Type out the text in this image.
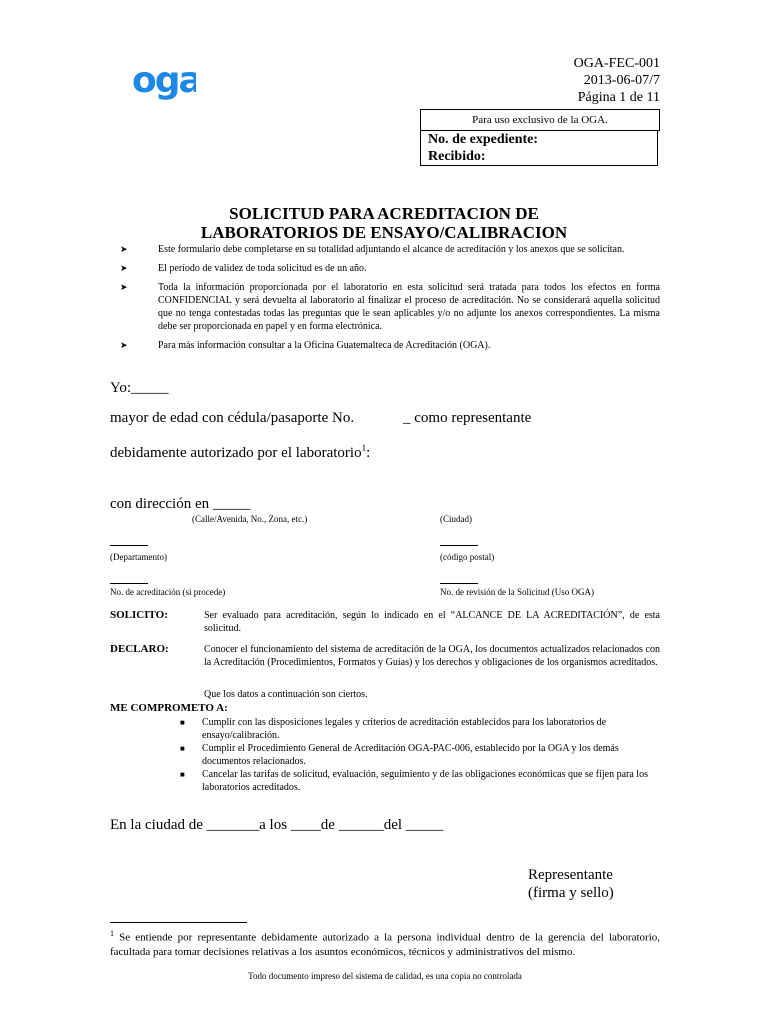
oga	OGA-FEC-001
2013-06-07/7
Página 1 de 11
Para uso exclusivo de la OGA.
No. de expediente:
Recibido:
SOLICITUD PARA ACREDITACION DE
LABORATORIOS DE ENSAYO/CALIBRACION
➤	Este formulario debe completarse en su totalidad adjuntando el alcance de acreditación y los anexos que se solicitan.
➤	El período de validez de toda solicitud es de un año.
➤	Toda la información proporcionada por el laboratorio en esta solicitud será tratada para todos los efectos en forma CONFIDENCIAL y será devuelta al laboratorio al finalizar el proceso de acreditación. No se considerará aquella solicitud que no tenga contestadas todas las preguntas que le sean aplicables y/o no adjunte los anexos correspondientes. La misma debe ser proporcionada en papel y en forma electrónica.
➤	Para más información consultar a la Oficina Guatemalteca de Acreditación (OGA).
Yo:_____
mayor de edad con cédula/pasaporte No.	_ como representante
debidamente autorizado por el laboratorio$^1$:
con dirección en _____
(Calle/Avenida, No., Zona, etc.)	(Ciudad)
(Departamento)	(código postal)
No. de acreditación (si procede)	No. de revisión de la Solicitud (Uso OGA)
SOLICITO:	Ser evaluado para acreditación, según lo indicado en el “ALCANCE DE LA ACREDITACIÓN”, de esta solicitud.
DECLARO:	Conocer el funcionamiento del sistema de acreditación de la OGA, los documentos actualizados relacionados con la Acreditación (Procedimientos, Formatos y Guías) y los derechos y obligaciones de los organismos acreditados.
Que los datos a continuación son ciertos.
ME COMPROMETO A:
■	Cumplir con las disposiciones legales y criterios de acreditación establecidos para los laboratorios de ensayo/calibración.
■	Cumplir el Procedimiento General de Acreditación OGA-PAC-006, establecido por la OGA y los demás documentos relacionados.
■	Cancelar las tarifas de solicitud, evaluación, seguimiento y de las obligaciones económicas que se fijen para los laboratorios acreditados.
En la ciudad de _______a los ____de ______del _____
Representante
(firma y sello)
$^1$ Se entiende por representante debidamente autorizado a la persona individual dentro de la gerencia del laboratorio, facultada para tomar decisiones relativas a los asuntos económicos, técnicos y administrativos del mismo.
Todo documento impreso del sistema de calidad, es una copia no controlada
